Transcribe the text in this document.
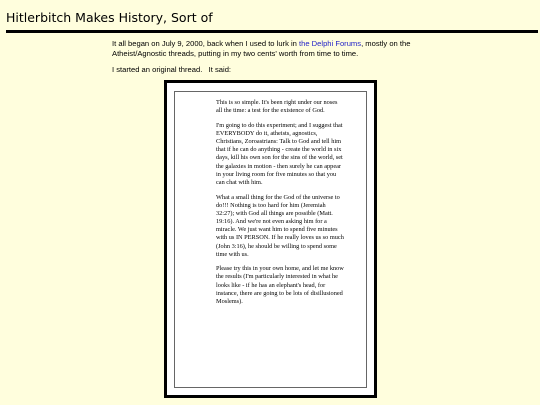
Hitlerbitch Makes History, Sort of

It all began on July 9, 2000, back when I used to lurk in the Delphi Forums, mostly on the Atheist/Agnostic threads, putting in my two cents' worth from time to time.

I started an original thread.   It said:

This is so simple. It's been right under our noses all the time: a test for the existence of God.

I'm going to do this experiment; and I suggest that EVERYBODY do it, atheists, agnostics, Christians, Zoroastrians: Talk to God and tell him that if he can do anything - create the world in six days, kill his own son for the sins of the world, set the galaxies in motion - then surely he can appear in your living room for five minutes so that you can chat with him.

What a small thing for the God of the universe to do!!! Nothing is too hard for him (Jeremiah 32:27); with God all things are possible (Matt. 19:16). And we're not even asking him for a miracle. We just want him to spend five minutes with us IN PERSON. If he really loves us so much (John 3:16), he should be willing to spend some time with us.

Please try this in your own home, and let me know the results (I'm particularly interested in what he looks like - if he has an elephant's head, for instance, there are going to be lots of disillusioned Moslems).
